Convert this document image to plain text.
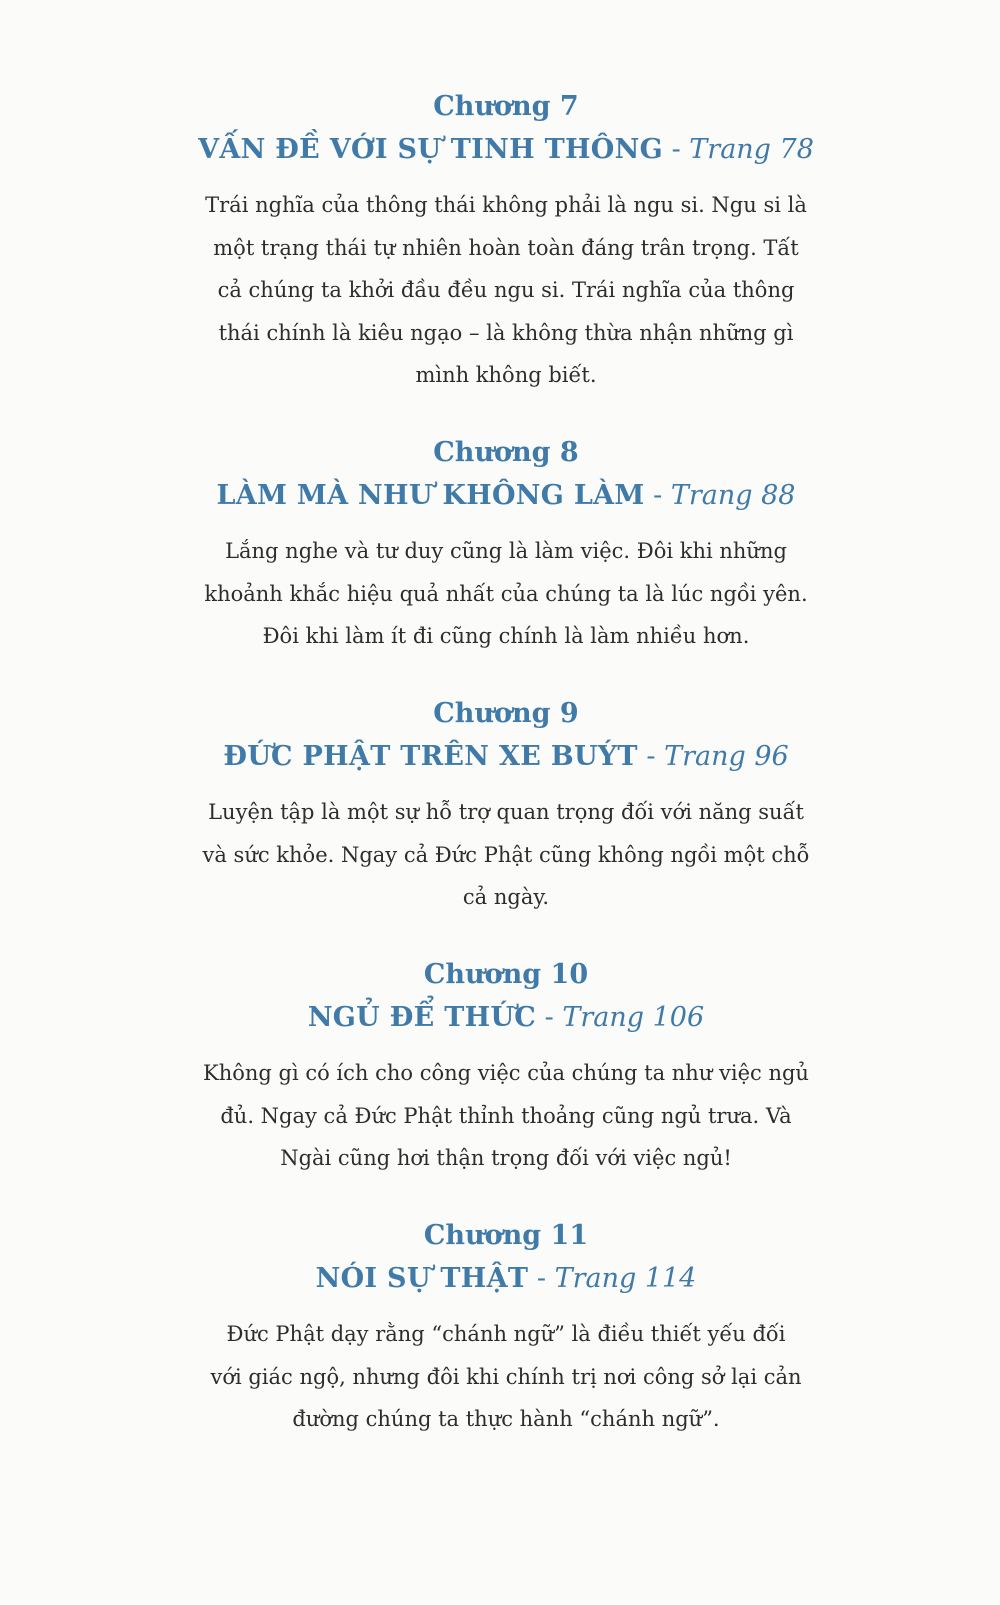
Chương 7
VẤN ĐỀ VỚI SỰ TINH THÔNG - Trang 78
Trái nghĩa của thông thái không phải là ngu si. Ngu si là
một trạng thái tự nhiên hoàn toàn đáng trân trọng. Tất
cả chúng ta khởi đầu đều ngu si. Trái nghĩa của thông
thái chính là kiêu ngạo – là không thừa nhận những gì
mình không biết.
Chương 8
LÀM MÀ NHƯ KHÔNG LÀM - Trang 88
Lắng nghe và tư duy cũng là làm việc. Đôi khi những
khoảnh khắc hiệu quả nhất của chúng ta là lúc ngồi yên.
Đôi khi làm ít đi cũng chính là làm nhiều hơn.
Chương 9
ĐỨC PHẬT TRÊN XE BUÝT - Trang 96
Luyện tập là một sự hỗ trợ quan trọng đối với năng suất
và sức khỏe. Ngay cả Đức Phật cũng không ngồi một chỗ
cả ngày.
Chương 10
NGỦ ĐỂ THỨC - Trang 106
Không gì có ích cho công việc của chúng ta như việc ngủ
đủ. Ngay cả Đức Phật thỉnh thoảng cũng ngủ trưa. Và
Ngài cũng hơi thận trọng đối với việc ngủ!
Chương 11
NÓI SỰ THẬT - Trang 114
Đức Phật dạy rằng “chánh ngữ” là điều thiết yếu đối
với giác ngộ, nhưng đôi khi chính trị nơi công sở lại cản
đường chúng ta thực hành “chánh ngữ”.
